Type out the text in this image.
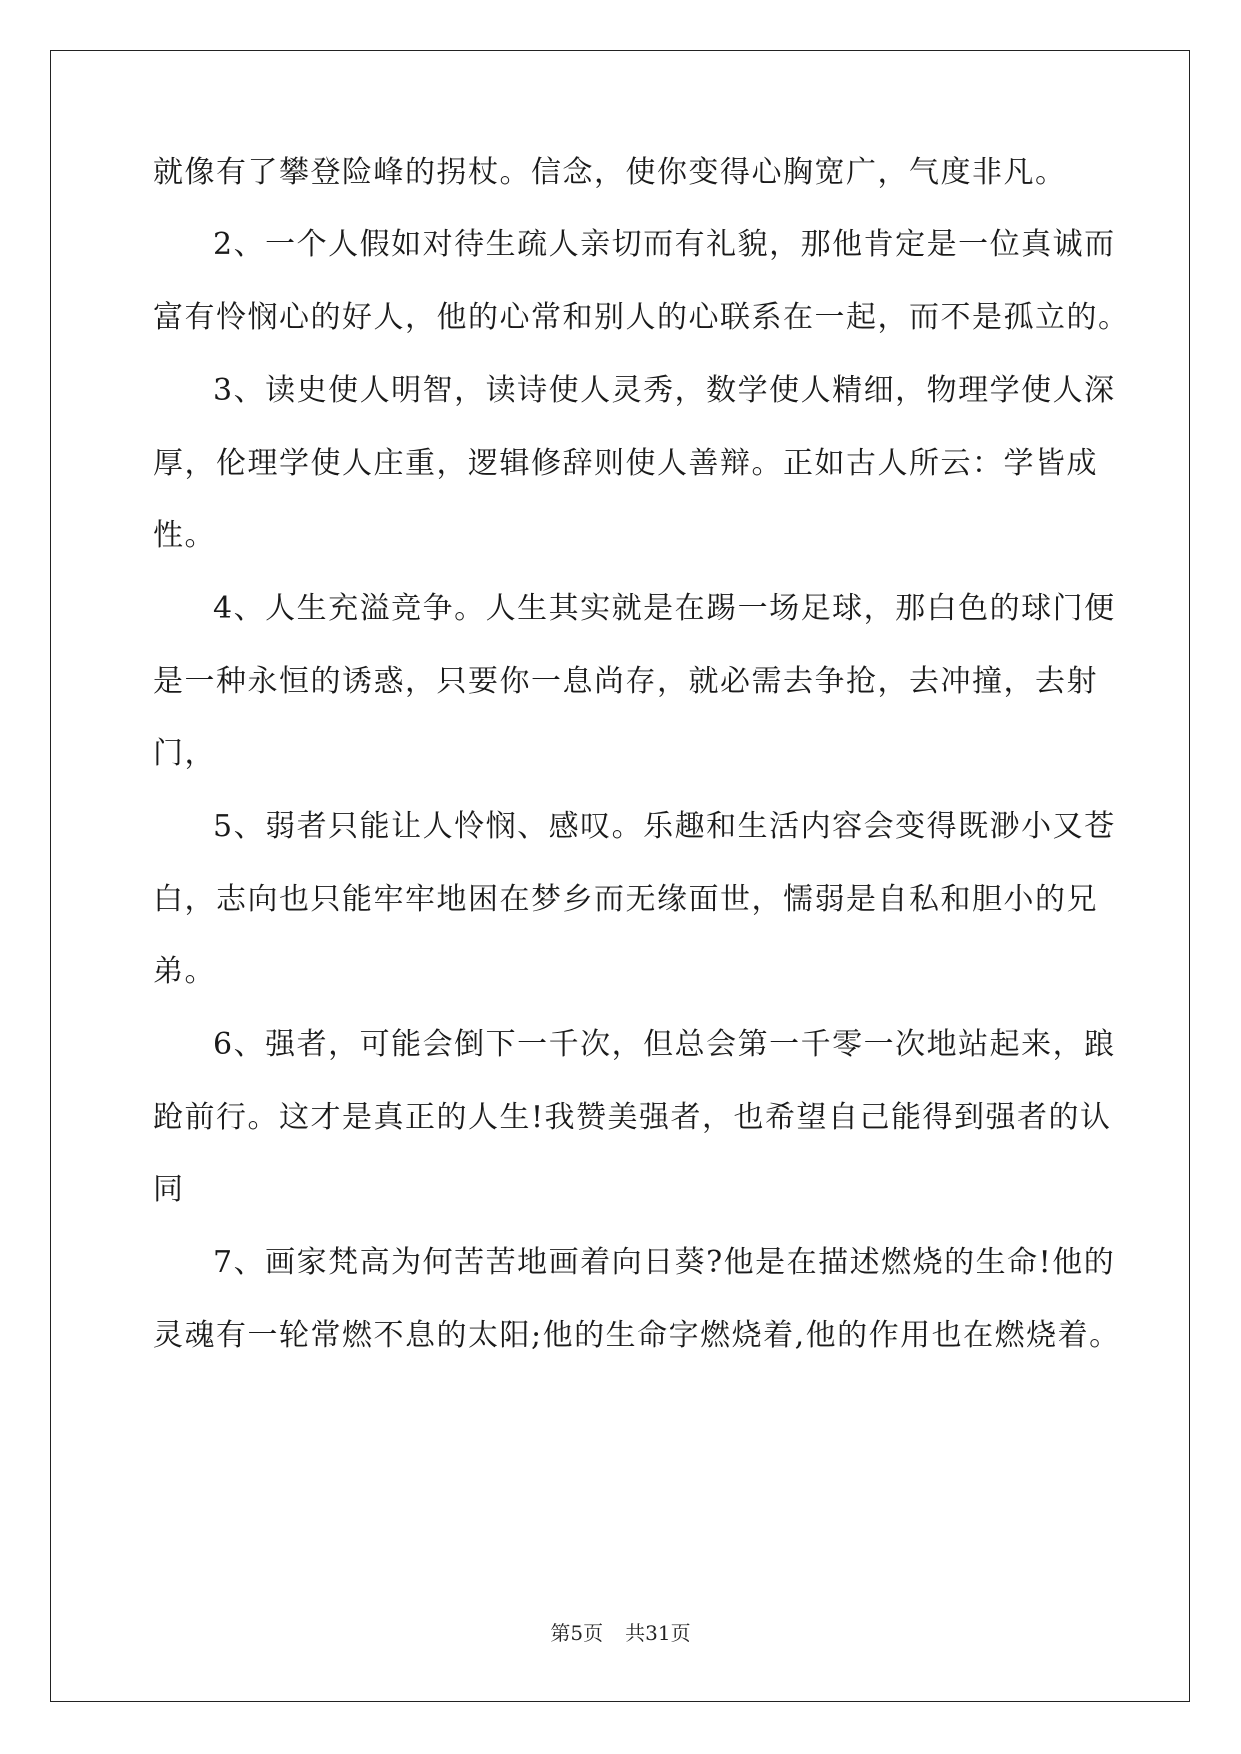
就像有了攀登险峰的拐杖。信念，使你变得心胸宽广，气度非凡。
2、一个人假如对待生疏人亲切而有礼貌，那他肯定是一位真诚而
富有怜悯心的好人，他的心常和别人的心联系在一起，而不是孤立的。
3、读史使人明智，读诗使人灵秀，数学使人精细，物理学使人深
厚，伦理学使人庄重，逻辑修辞则使人善辩。正如古人所云：学皆成
性。
4、人生充溢竞争。人生其实就是在踢一场足球，那白色的球门便
是一种永恒的诱惑，只要你一息尚存，就必需去争抢，去冲撞，去射
门，
5、弱者只能让人怜悯、感叹。乐趣和生活内容会变得既渺小又苍
白，志向也只能牢牢地困在梦乡而无缘面世，懦弱是自私和胆小的兄
弟。
6、强者，可能会倒下一千次，但总会第一千零一次地站起来，踉
跄前行。这才是真正的人生!我赞美强者，也希望自己能得到强者的认
同
7、画家梵高为何苦苦地画着向日葵?他是在描述燃烧的生命!他的
灵魂有一轮常燃不息的太阳;他的生命字燃烧着,他的作用也在燃烧着。
第5页 共31页
